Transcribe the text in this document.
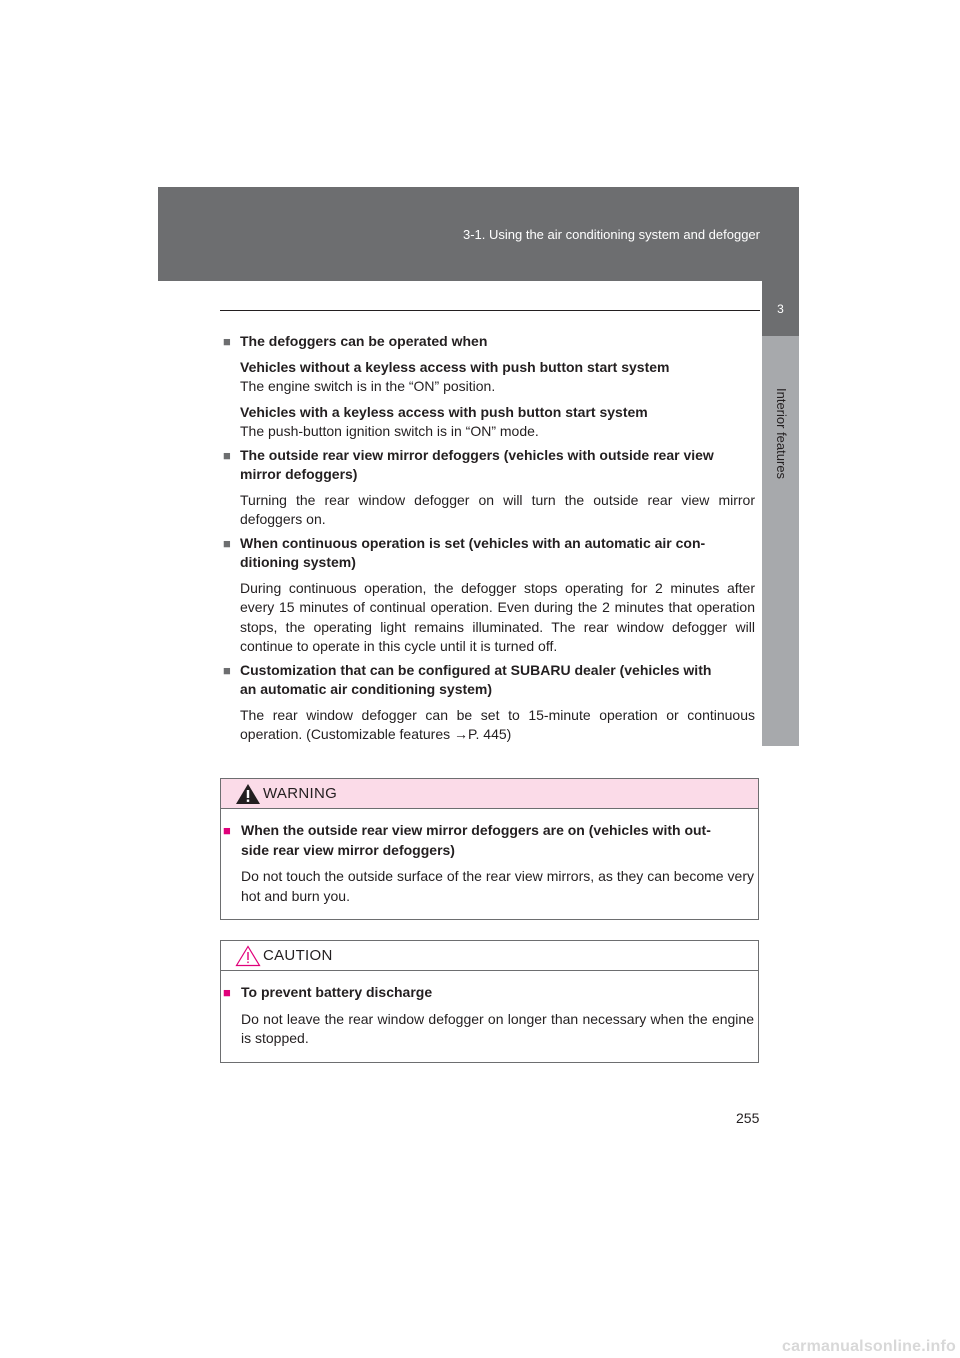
3-1. Using the air conditioning system and defogger
3
Interior features
■ The defoggers can be operated when
Vehicles without a keyless access with push button start system
The engine switch is in the “ON” position.
Vehicles with a keyless access with push button start system
The push-button ignition switch is in “ON” mode.
■ The outside rear view mirror defoggers (vehicles with outside rear view
mirror defoggers)
Turning the rear window defogger on will turn the outside rear view mirror defoggers on.
■ When continuous operation is set (vehicles with an automatic air con-
ditioning system)
During continuous operation, the defogger stops operating for 2 minutes after every 15 minutes of continual operation. Even during the 2 minutes that operation stops, the operating light remains illuminated. The rear window defogger will continue to operate in this cycle until it is turned off.
■ Customization that can be configured at SUBARU dealer (vehicles with
an automatic air conditioning system)
The rear window defogger can be set to 15-minute operation or continuous operation. (Customizable features →P. 445)
WARNING
■ When the outside rear view mirror defoggers are on (vehicles with out-
side rear view mirror defoggers)
Do not touch the outside surface of the rear view mirrors, as they can become very hot and burn you.
CAUTION
■ To prevent battery discharge
Do not leave the rear window defogger on longer than necessary when the engine is stopped.
255
carmanualsonline.info
